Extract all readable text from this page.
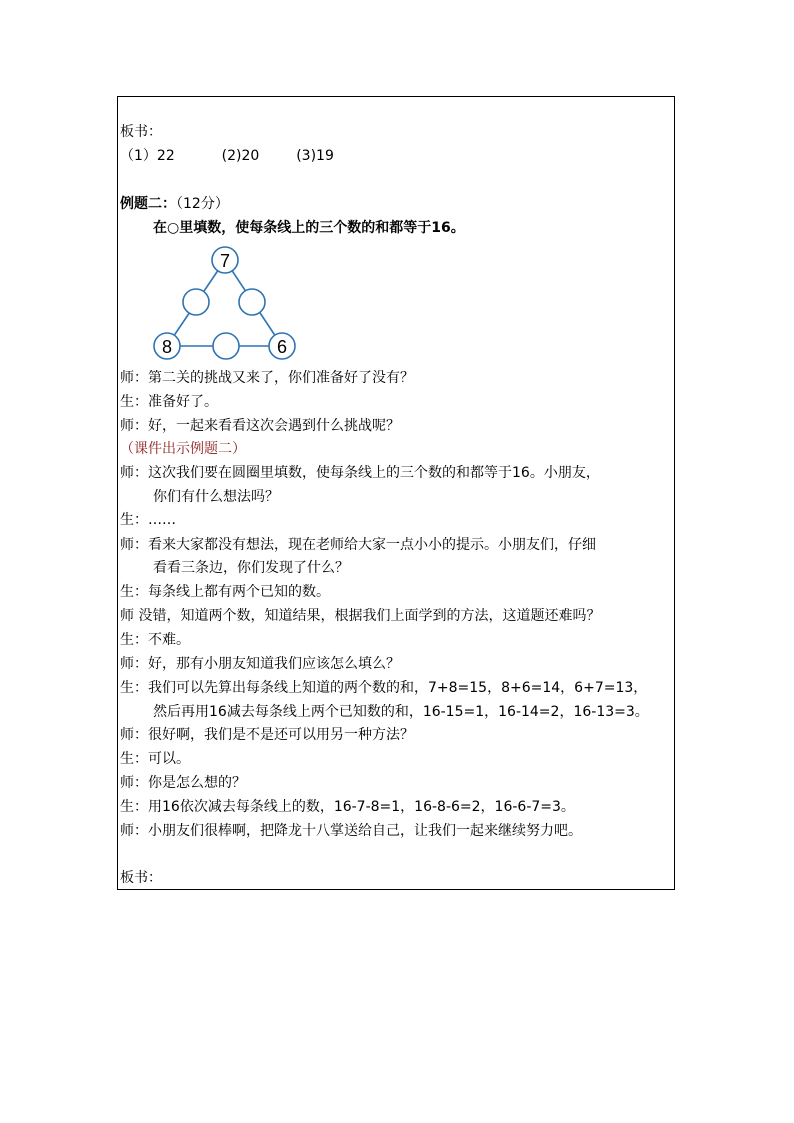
板书：
（1）22	(2)20	(3)19
例题二：（12分）
在○里填数，使每条线上的三个数的和都等于16。
7
8	6
师：第二关的挑战又来了，你们准备好了没有？
生：准备好了。
师：好，一起来看看这次会遇到什么挑战呢？
（课件出示例题二）
师：这次我们要在圆圈里填数，使每条线上的三个数的和都等于16。小朋友，
你们有什么想法吗？
生：……
师：看来大家都没有想法，现在老师给大家一点小小的提示。小朋友们，仔细
看看三条边，你们发现了什么？
生：每条线上都有两个已知的数。
师 没错，知道两个数，知道结果，根据我们上面学到的方法，这道题还难吗？
生：不难。
师：好，那有小朋友知道我们应该怎么填么？
生：我们可以先算出每条线上知道的两个数的和，7+8=15，8+6=14，6+7=13，
然后再用16减去每条线上两个已知数的和，16-15=1，16-14=2，16-13=3。
师：很好啊，我们是不是还可以用另一种方法？
生：可以。
师：你是怎么想的？
生：用16依次减去每条线上的数，16-7-8=1，16-8-6=2，16-6-7=3。
师：小朋友们很棒啊，把降龙十八掌送给自己，让我们一起来继续努力吧。
板书：
